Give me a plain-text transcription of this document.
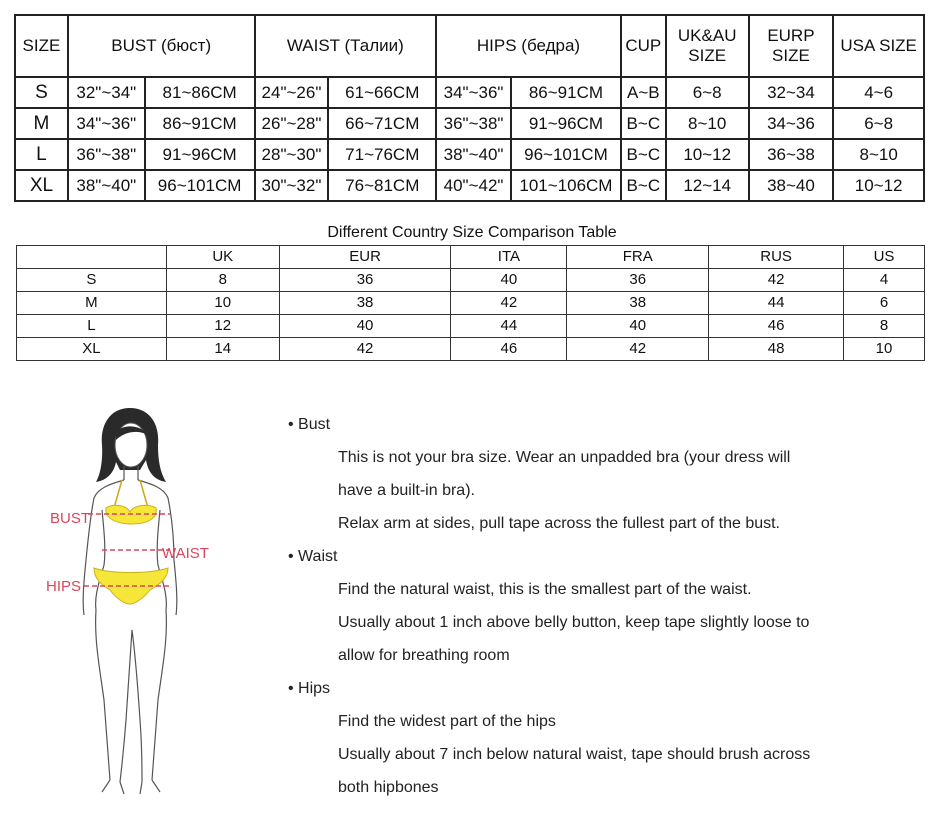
SIZE	BUST (бюст)		WAIST (Талии)		HIPS (бедра)		CUP	UK&AU SIZE	EURP SIZE	USA SIZE
S	32"~34"	81~86CM	24"~26"	61~66CM	34"~36"	86~91CM	A~B	6~8	32~34	4~6
M	34"~36"	86~91CM	26"~28"	66~71CM	36"~38"	91~96CM	B~C	8~10	34~36	6~8
L	36"~38"	91~96CM	28"~30"	71~76CM	38"~40"	96~101CM	B~C	10~12	36~38	8~10
XL	38"~40"	96~101CM	30"~32"	76~81CM	40"~42"	101~106CM	B~C	12~14	38~40	10~12
Different Country Size Comparison Table
	UK	EUR	ITA	FRA	RUS	US
S	8	36	40	36	42	4
M	10	38	42	38	44	6
L	12	40	44	40	46	8
XL	14	42	46	42	48	10
BUST
WAIST
HIPS
• Bust
This is not your bra size. Wear an unpadded bra (your dress will
have a built-in bra).
Relax arm at sides, pull tape across the fullest part of the bust.
• Waist
Find the natural waist, this is the smallest part of the waist.
Usually about 1 inch above belly button, keep tape slightly loose to
allow for breathing room
• Hips
Find the widest part of the hips
Usually about 7 inch below natural waist, tape should brush across
both hipbones
